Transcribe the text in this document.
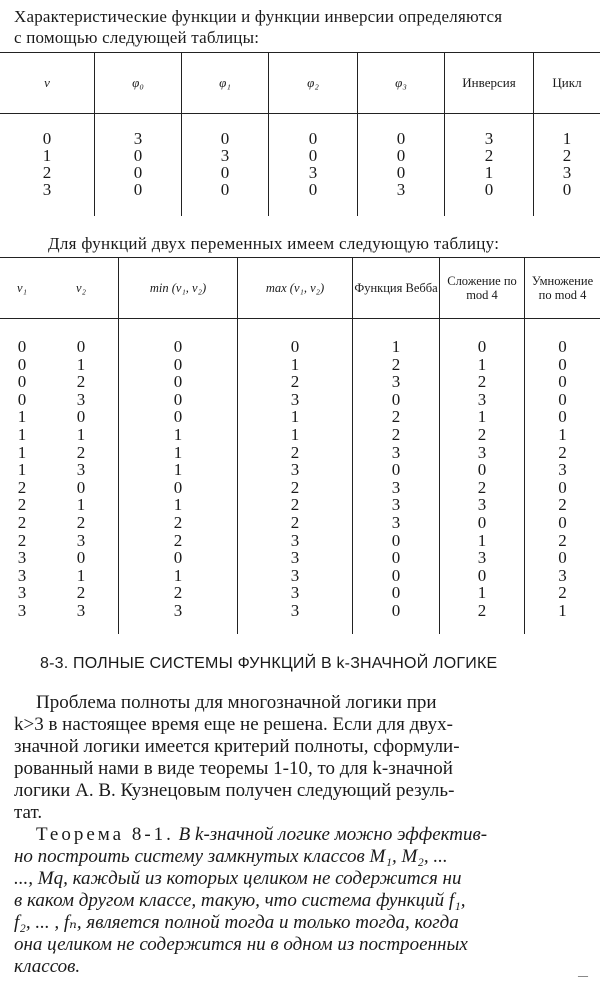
Характеристические функции и функции инверсии определяются
с помощью следующей таблицы:
v	φ₀	φ₁	φ₂	φ₃	Инверсия	Цикл
0	3	0	0	0	3	1
1	0	3	0	0	2	2
2	0	0	3	0	1	3
3	0	0	0	3	0	0
Для функций двух переменных имеем следующую таблицу:
v₁	v₂	min (v₁, v₂)	max (v₁, v₂)	Функция Вебба	Сложение по mod 4	Умножение по mod 4
0	0	0	0	1	0	0
0	1	0	1	2	1	0
0	2	0	2	3	2	0
0	3	0	3	0	3	0
1	0	0	1	2	1	0
1	1	1	1	2	2	1
1	2	1	2	3	3	2
1	3	1	3	0	0	3
2	0	0	2	3	2	0
2	1	1	2	3	3	2
2	2	2	2	3	0	0
2	3	2	3	0	1	2
3	0	0	3	0	3	0
3	1	1	3	0	0	3
3	2	2	3	0	1	2
3	3	3	3	0	2	1
8-3. ПОЛНЫЕ СИСТЕМЫ ФУНКЦИЙ В k-ЗНАЧНОЙ ЛОГИКЕ
Проблема полноты для многозначной логики при
k>3 в настоящее время еще не решена. Если для двух-
значной логики имеется критерий полноты, сформули-
рованный нами в виде теоремы 1-10, то для k-значной
логики А. В. Кузнецовым получен следующий резуль-
тат.
Теорема 8-1. В k-значной логике можно эффектив-
но построить систему замкнутых классов M₁, M₂, ...
..., Mq, каждый из которых целиком не содержится ни
в каком другом классе, такую, что система функций f₁,
f₂, ... , fₙ, является полной тогда и только тогда, когда
она целиком не содержится ни в одном из построенных
классов.	—
